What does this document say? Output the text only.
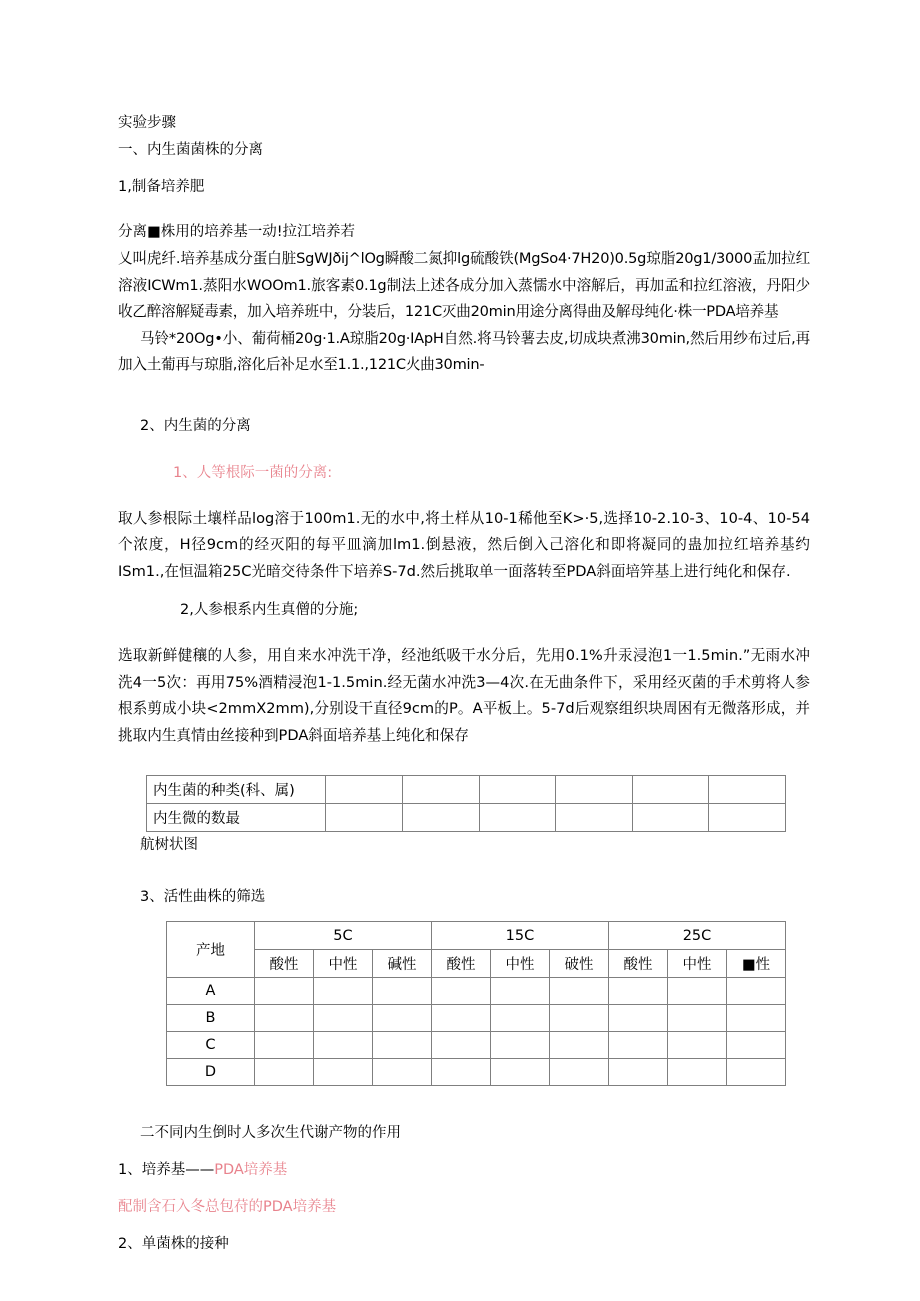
实验步骤
一、内生菌菌株的分离
1,制备培养肥
分离■株用的培养基一动!拉江培养若
乂叫虎纤.培养基成分蛋白脏SgWJðij^lOg瞬酸二氮抑lg硫酸铁(MgSo4·7H20)0.5g琼脂20g1/3000孟加拉红溶液ICWm1.蒸阳水WOOm1.旅客素0.1g制法上述各成分加入蒸懦水中溶解后，再加孟和拉红溶液，丹阳少收乙醉溶解疑毒素，加入培养班中，分装后，121C灭曲20min用途分离得曲及解母纯化·株一PDA培养基
马铃*20Og•小、葡荷桶20g·1.A琼脂20g·IApH自然.将马铃薯去皮,切成块煮沸30min,然后用纱布过后,再加入土葡再与琼脂,溶化后补足水至1.1.,121C火曲30min-
2、内生菌的分离
1、人等根际一菌的分离:
取人参根际土壤样品log溶于100m1.无的水中,将土样从10-1稀他至K>·5,选择10-2.10-3、10-4、10-54个浓度，H径9cm的经灭阳的每平皿滴加lm1.倒悬液，然后倒入己溶化和即将凝同的蛊加拉红培养基约ISm1.,在恒温箱25C光暗交待条件下培养S-7d.然后挑取单一面落转至PDA斜面培笄基上进行纯化和保存.
2,人参根系内生真僧的分施;
选取新鲜健穰的人参，用自来水冲洗干净，经池纸吸干水分后，先用0.1%升汞浸泡1一1.5min.”无雨水冲洗4一5次：再用75%酒精浸泡1-1.5min.经无菌水冲洗3—4次.在无曲条件下，采用经灭菌的手术剪将人参根系剪成小块<2mmX2mm),分别设干直径9cm的P。A平板上。5-7d后观察组织块周困有无微落形成，并挑取内生真情由丝接种到PDA斜面培养基上纯化和保存
内生菌的种类(科、属)						
内生微的数最						
航树状图
3、活性曲株的筛选
产地	5C			15C			25C		
	酸性	中性	碱性	酸性	中性	破性	酸性	中性	■性
A									
B									
C									
D									
二不同内生倒时人多次生代谢产物的作用
1、培养基——PDA培养基
配制含石入冬总包苻的PDA培养基
2、单菌株的接种
